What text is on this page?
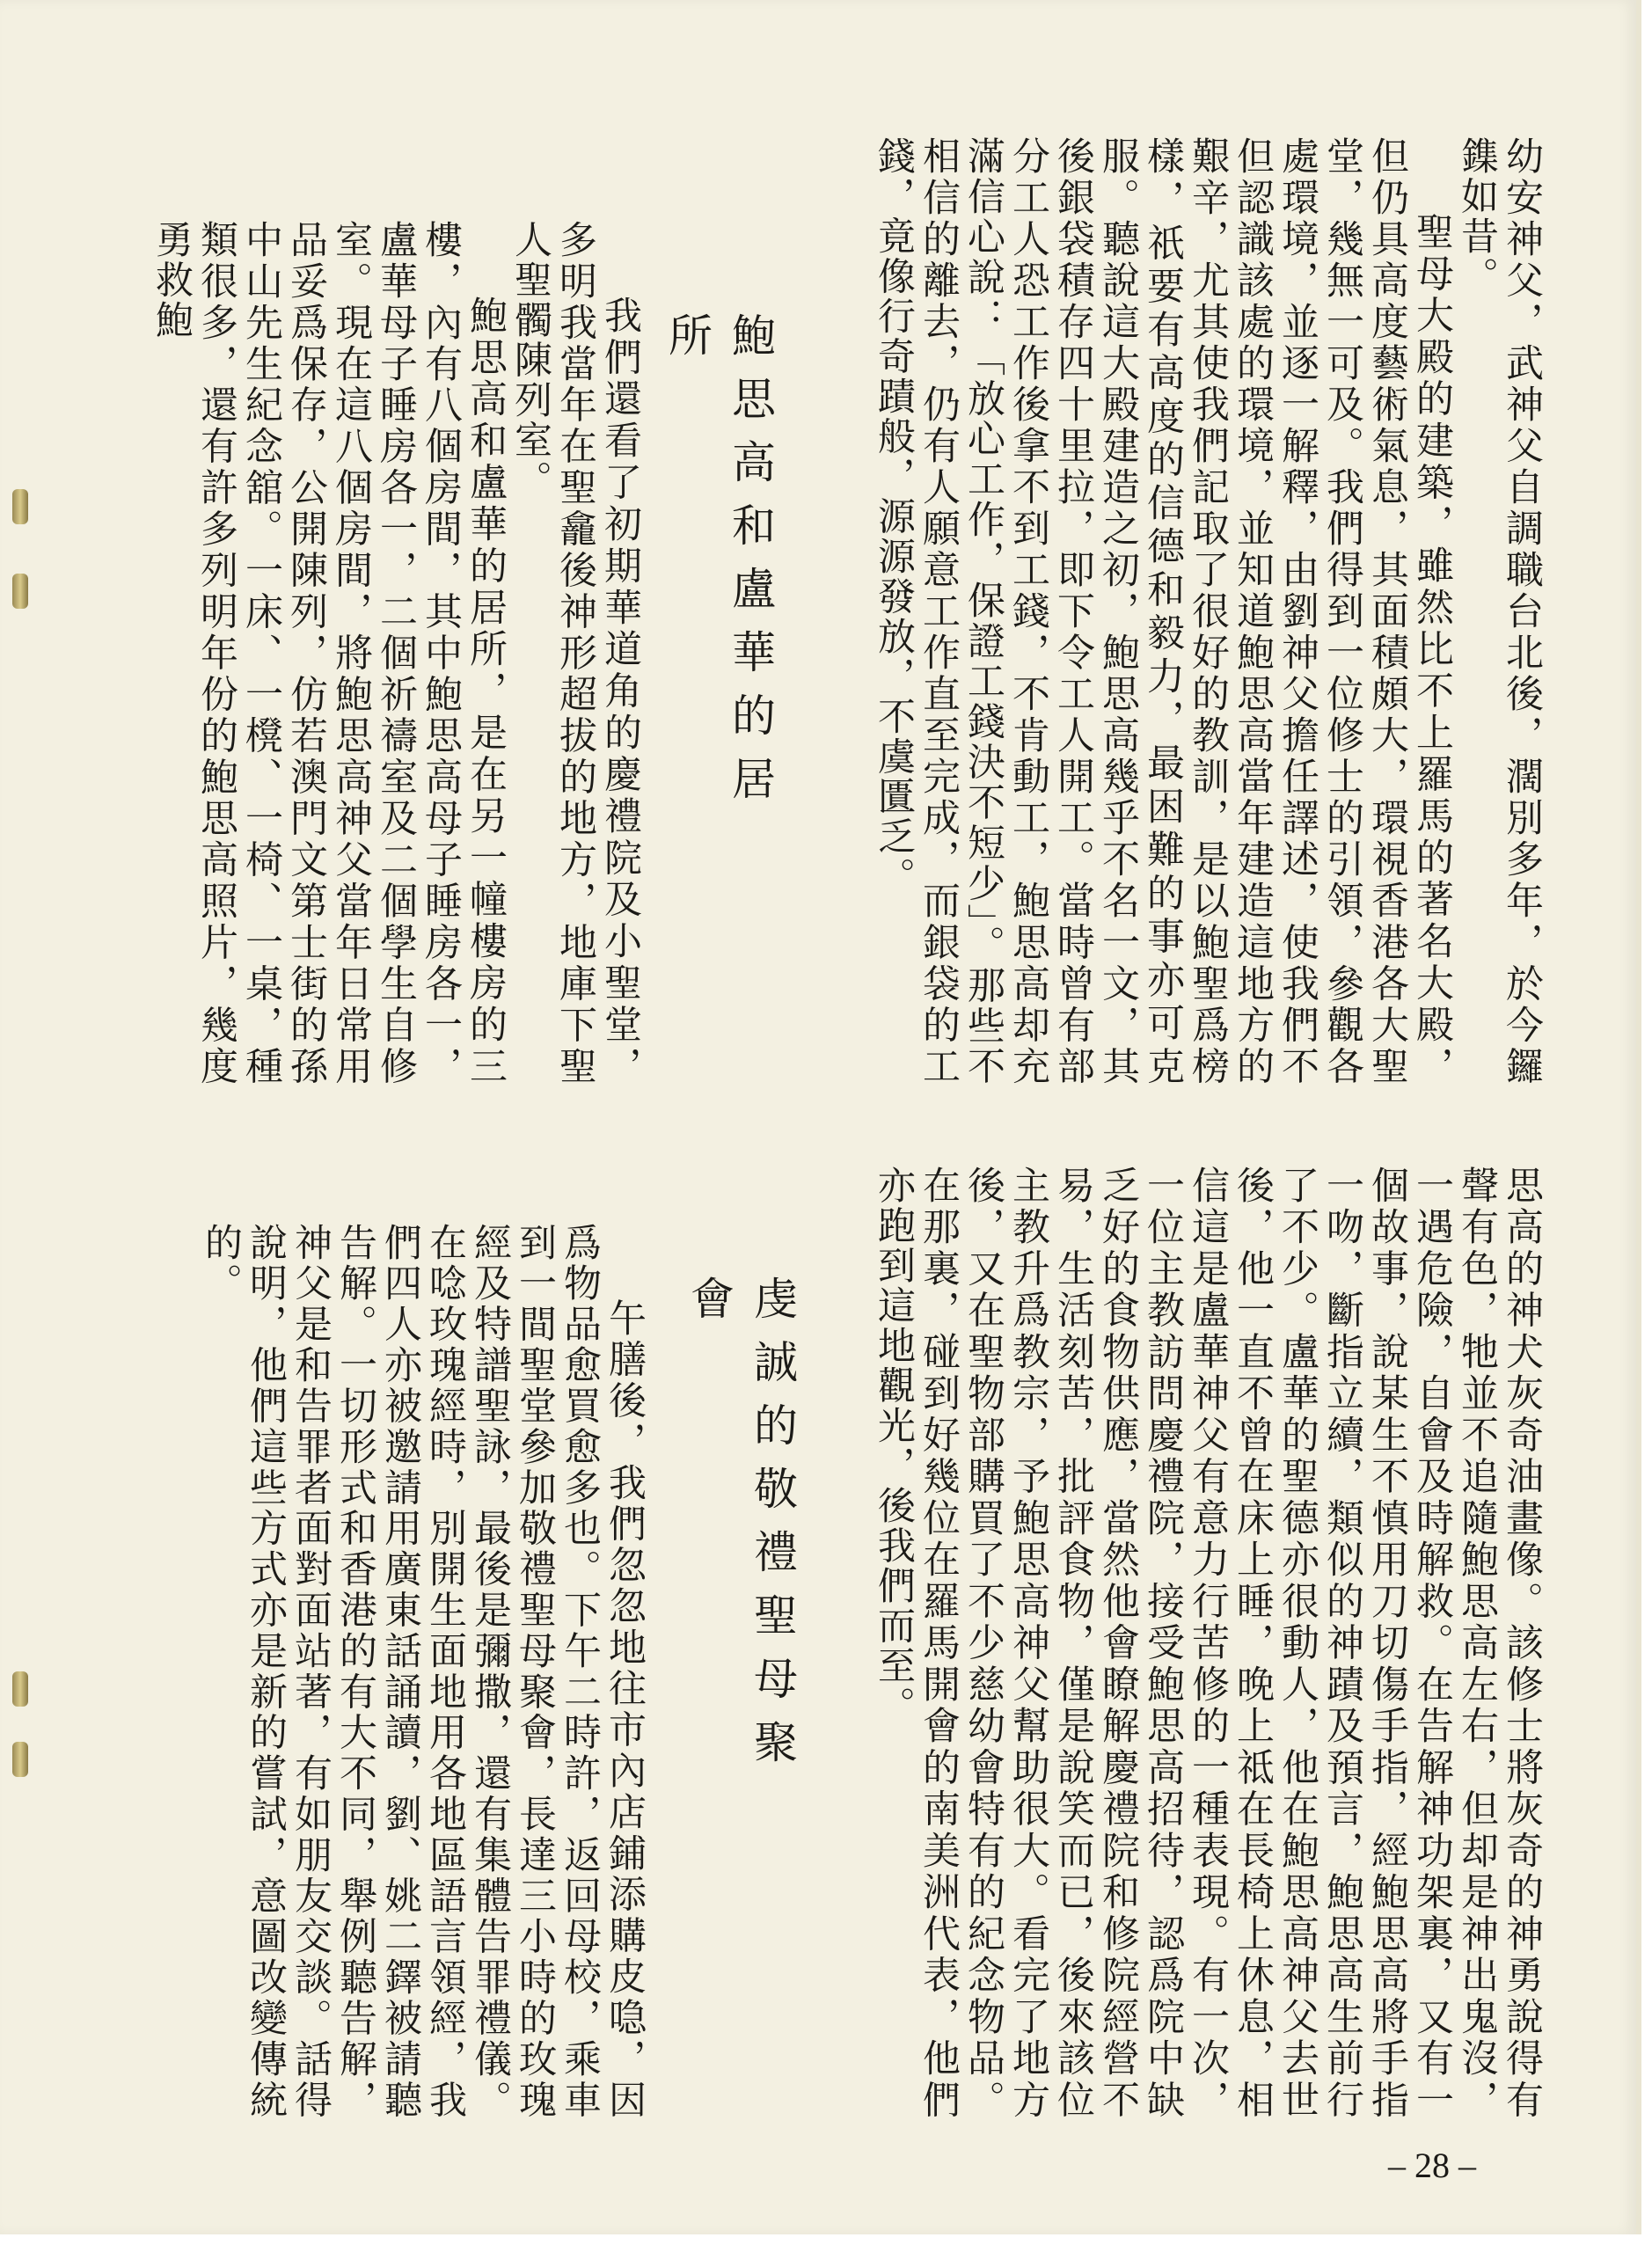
幼安神父，武神父自調職台北後，濶別多年，於今鑼鏶如昔。

聖母大殿的建築，雖然比不上羅馬的著名大殿，但仍具高度藝術氣息，其面積頗大，環視香港各大聖堂，幾無一可及。我們得到一位修士的引領，參觀各處環境，並逐一解釋，由劉神父擔任譯述，使我們不但認識該處的環境，並知道鮑思高當年建造這地方的艱辛，尤其使我們記取了很好的教訓，是以鮑聖爲榜樣，祇要有高度的信德和毅力，最困難的事亦可克服。聽說這大殿建造之初，鮑思高幾乎不名一文，其後銀袋積存四十里拉，即下令工人開工。當時曾有部分工人恐工作後拿不到工錢，不肯動工，鮑思高却充滿信心說：「放心工作，保證工錢決不短少」。那些不相信的離去，仍有人願意工作直至完成，而銀袋的工錢，竟像行奇蹟般，源源發放，不虞匱乏。

鮑思高和盧華的居所

我們還看了初期華道角的慶禮院及小聖堂，多明我當年在聖龕後神形超拔的地方，地庫下聖人聖髑陳列室。

鮑思高和盧華的居所，是在另一幢樓房的三樓，內有八個房間，其中鮑思高母子睡房各一，盧華母子睡房各一，二個祈禱室及二個學生自修室。現在這八個房間，將鮑思高神父當年日常用品妥爲保存，公開陳列，仿若澳門文第士街的孫中山先生紀念舘。一床、一櫈、一椅、一桌，種類很多，還有許多列明年份的鮑思高照片，幾度勇救鮑

思高的神犬灰奇油畫像。該修士將灰奇的神勇說得有聲有色，牠並不追隨鮑思高左右，但却是神出鬼沒，一遇危險，自會及時解救。在告解神功架裏，又有一個故事，說某生不慎用刀切傷手指，經鮑思高將手指一吻，斷指立續，類似的神蹟及預言，鮑思高生前行了不少。盧華的聖德亦很動人，他在鮑思高神父去世後，他一直不曾在床上睡，晚上祗在長椅上休息，相信這是盧華神父有意力行苦修的一種表現。有一次，一位主教訪問慶禮院，接受鮑思高招待，認爲院中缺乏好的食物供應，當然他會瞭解慶禮院和修院經營不易，生活刻苦，批評食物，僅是說笑而已，後來該位主教升爲教宗，予鮑思高神父幫助很大。看完了地方後，又在聖物部購買了不少慈幼會特有的紀念物品。在那裏，碰到好幾位在羅馬開會的南美洲代表，他們亦跑到這地觀光，後我們而至。

虔誠的敬禮聖母聚會

午膳後，我們忽忽地往市內店鋪添購皮喼，因爲物品愈買愈多也。下午二時許，返回母校，乘車到一間聖堂參加敬禮聖母聚會，長達三小時的玫瑰經及特譜聖詠，最後是彌撒，還有集體告罪禮儀。在唸玫瑰經時，別開生面地用各地區語言領經，我們四人亦被邀請用廣東話誦讀，劉、姚二鐸被請聽告解。一切形式和香港的有大不同，舉例聽告解，神父是和告罪者面對面站著，有如朋友交談。話得說明，他們這些方式亦是新的嘗試，意圖改變傳統的。

– 28 –
